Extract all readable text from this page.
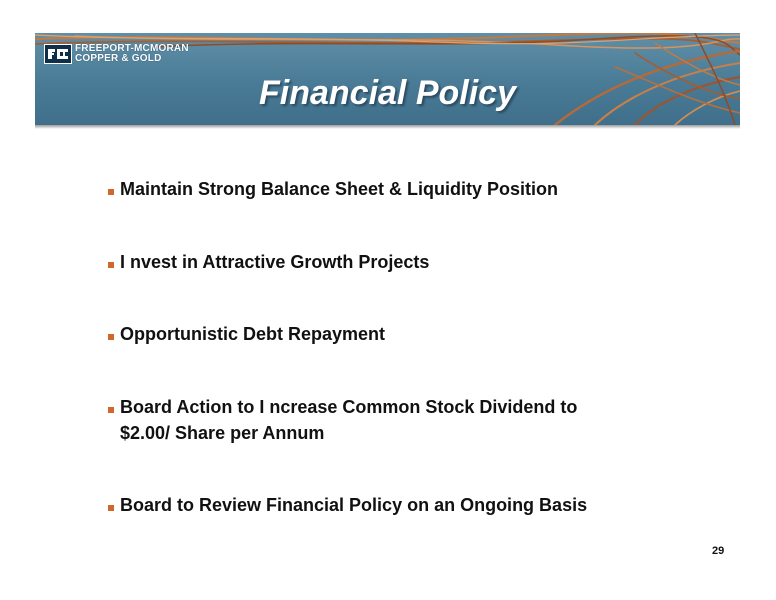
FREEPORT-MCMORAN
COPPER & GOLD
Financial Policy
Maintain Strong Balance Sheet & Liquidity Position
I nvest in Attractive Growth Projects
Opportunistic Debt Repayment
Board Action to I ncrease Common Stock Dividend to $2.00/ Share per Annum
Board to Review Financial Policy on an Ongoing Basis
29
